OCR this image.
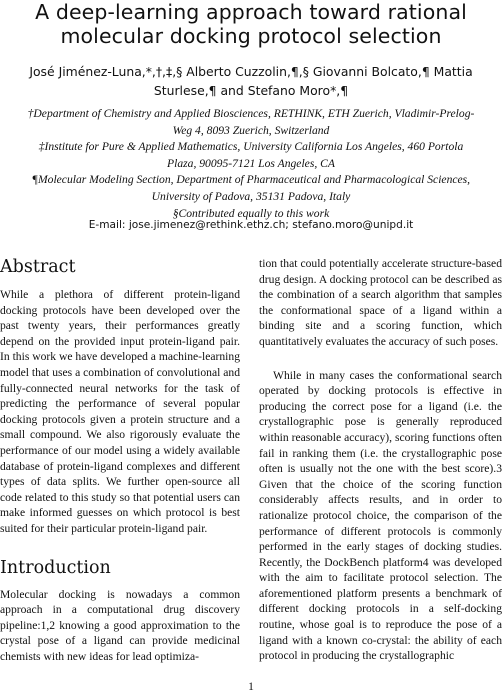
A deep-learning approach toward rational molecular docking protocol selection
José Jiménez-Luna,*,†,‡,§ Alberto Cuzzolin,¶,§ Giovanni Bolcato,¶ Mattia Sturlese,¶ and Stefano Moro*,¶
†Department of Chemistry and Applied Biosciences, RETHINK, ETH Zuerich, Vladimir-Prelog-Weg 4, 8093 Zuerich, Switzerland
‡Institute for Pure & Applied Mathematics, University California Los Angeles, 460 Portola Plaza, 90095-7121 Los Angeles, CA
¶Molecular Modeling Section, Department of Pharmaceutical and Pharmacological Sciences, University of Padova, 35131 Padova, Italy
§Contributed equally to this work
E-mail: jose.jimenez@rethink.ethz.ch; stefano.moro@unipd.it
Abstract

While a plethora of different protein-ligand docking protocols have been developed over the past twenty years, their performances greatly depend on the provided input protein-ligand pair. In this work we have developed a machine-learning model that uses a combination of convolutional and fully-connected neural networks for the task of predicting the performance of several popular docking protocols given a protein structure and a small compound. We also rigorously evaluate the performance of our model using a widely available database of protein-ligand complexes and different types of data splits. We further open-source all code related to this study so that potential users can make informed guesses on which protocol is best suited for their particular protein-ligand pair.

Introduction

Molecular docking is nowadays a common approach in a computational drug discovery pipeline:1,2 knowing a good approximation to the crystal pose of a ligand can provide medicinal chemists with new ideas for lead optimiza-

tion that could potentially accelerate structure-based drug design. A docking protocol can be described as the combination of a search algorithm that samples the conformational space of a ligand within a binding site and a scoring function, which quantitatively evaluates the accuracy of such poses.

While in many cases the conformational search operated by docking protocols is effective in producing the correct pose for a ligand (i.e. the crystallographic pose is generally reproduced within reasonable accuracy), scoring functions often fail in ranking them (i.e. the crystallographic pose often is usually not the one with the best score).3 Given that the choice of the scoring function considerably affects results, and in order to rationalize protocol choice, the comparison of the performance of different protocols is commonly performed in the early stages of docking studies. Recently, the DockBench platform4 was developed with the aim to facilitate protocol selection. The aforementioned platform presents a benchmark of different docking protocols in a self-docking routine, whose goal is to reproduce the pose of a ligand with a known co-crystal: the ability of each protocol in producing the crystallographic

1
